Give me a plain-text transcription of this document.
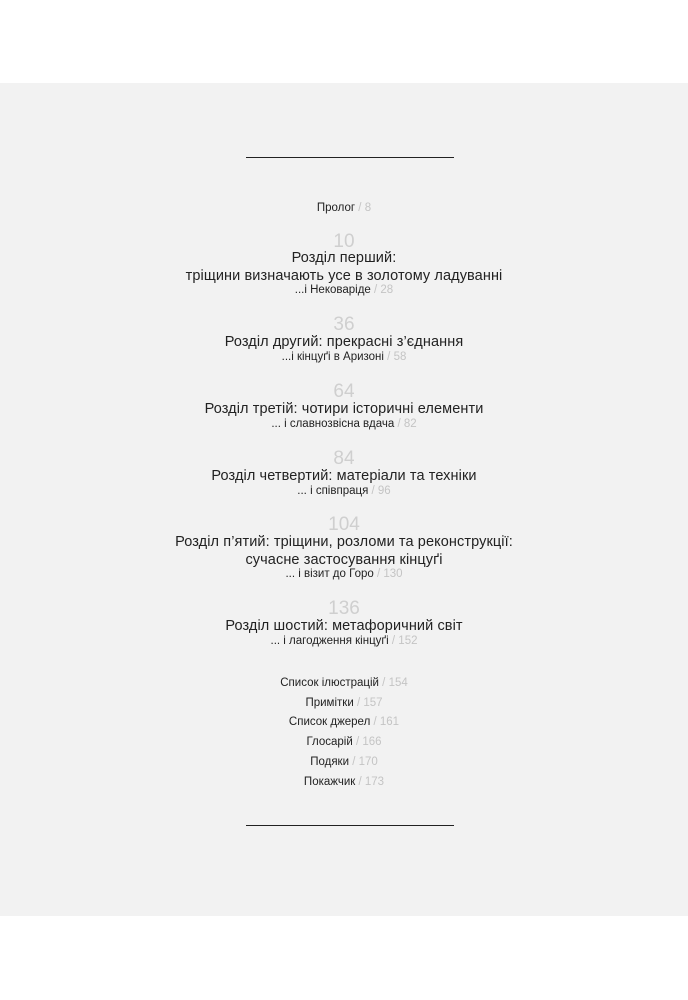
Пролог / 8
10
Розділ перший:
тріщини визначають усе в золотому ладуванні
...і Нековаріде / 28
36
Розділ другий: прекрасні з’єднання
...і кінцуґі в Аризоні / 58
64
Розділ третій: чотири історичні елементи
... і славнозвісна вдача / 82
84
Розділ четвертий: матеріали та техніки
... і співпраця / 96
104
Розділ п’ятий: тріщини, розломи та реконструкції:
сучасне застосування кінцуґі
... і візит до Горо / 130
136
Розділ шостий: метафоричний світ
... і лагодження кінцуґі / 152
Список ілюстрацій / 154
Примітки / 157
Список джерел / 161
Глосарій / 166
Подяки / 170
Покажчик / 173
